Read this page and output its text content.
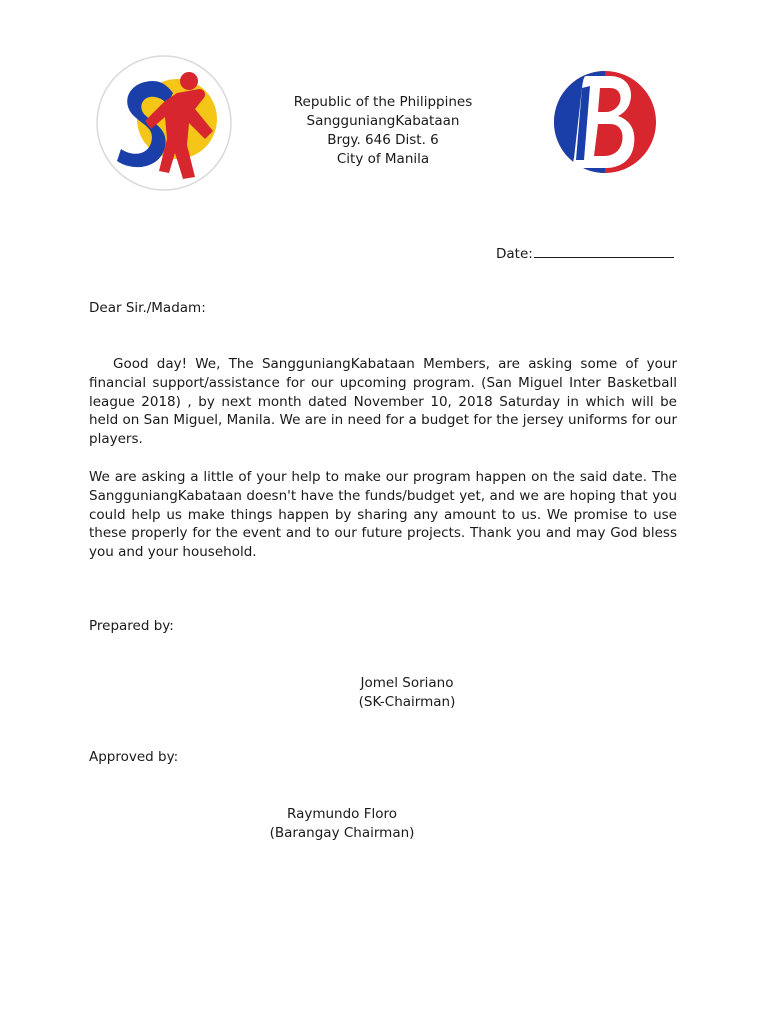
Republic of the Philippines
SangguniangKabataan
Brgy. 646 Dist. 6
City of Manila
Date:
Dear Sir./Madam:
Good day! We, The SangguniangKabataan Members, are asking some of your financial support/assistance for our upcoming program. (San Miguel Inter Basketball league 2018) , by next month dated November 10, 2018 Saturday in which will be held on San Miguel, Manila. We are in need for a budget for the jersey uniforms for our players.
We are asking a little of your help to make our program happen on the said date. The SangguniangKabataan doesn't have the funds/budget yet, and we are hoping that you could help us make things happen by sharing any amount to us. We promise to use these properly for the event and to our future projects. Thank you and may God bless you and your household.
Prepared by:
Jomel Soriano
(SK-Chairman)
Approved by:
Raymundo Floro
(Barangay Chairman)
